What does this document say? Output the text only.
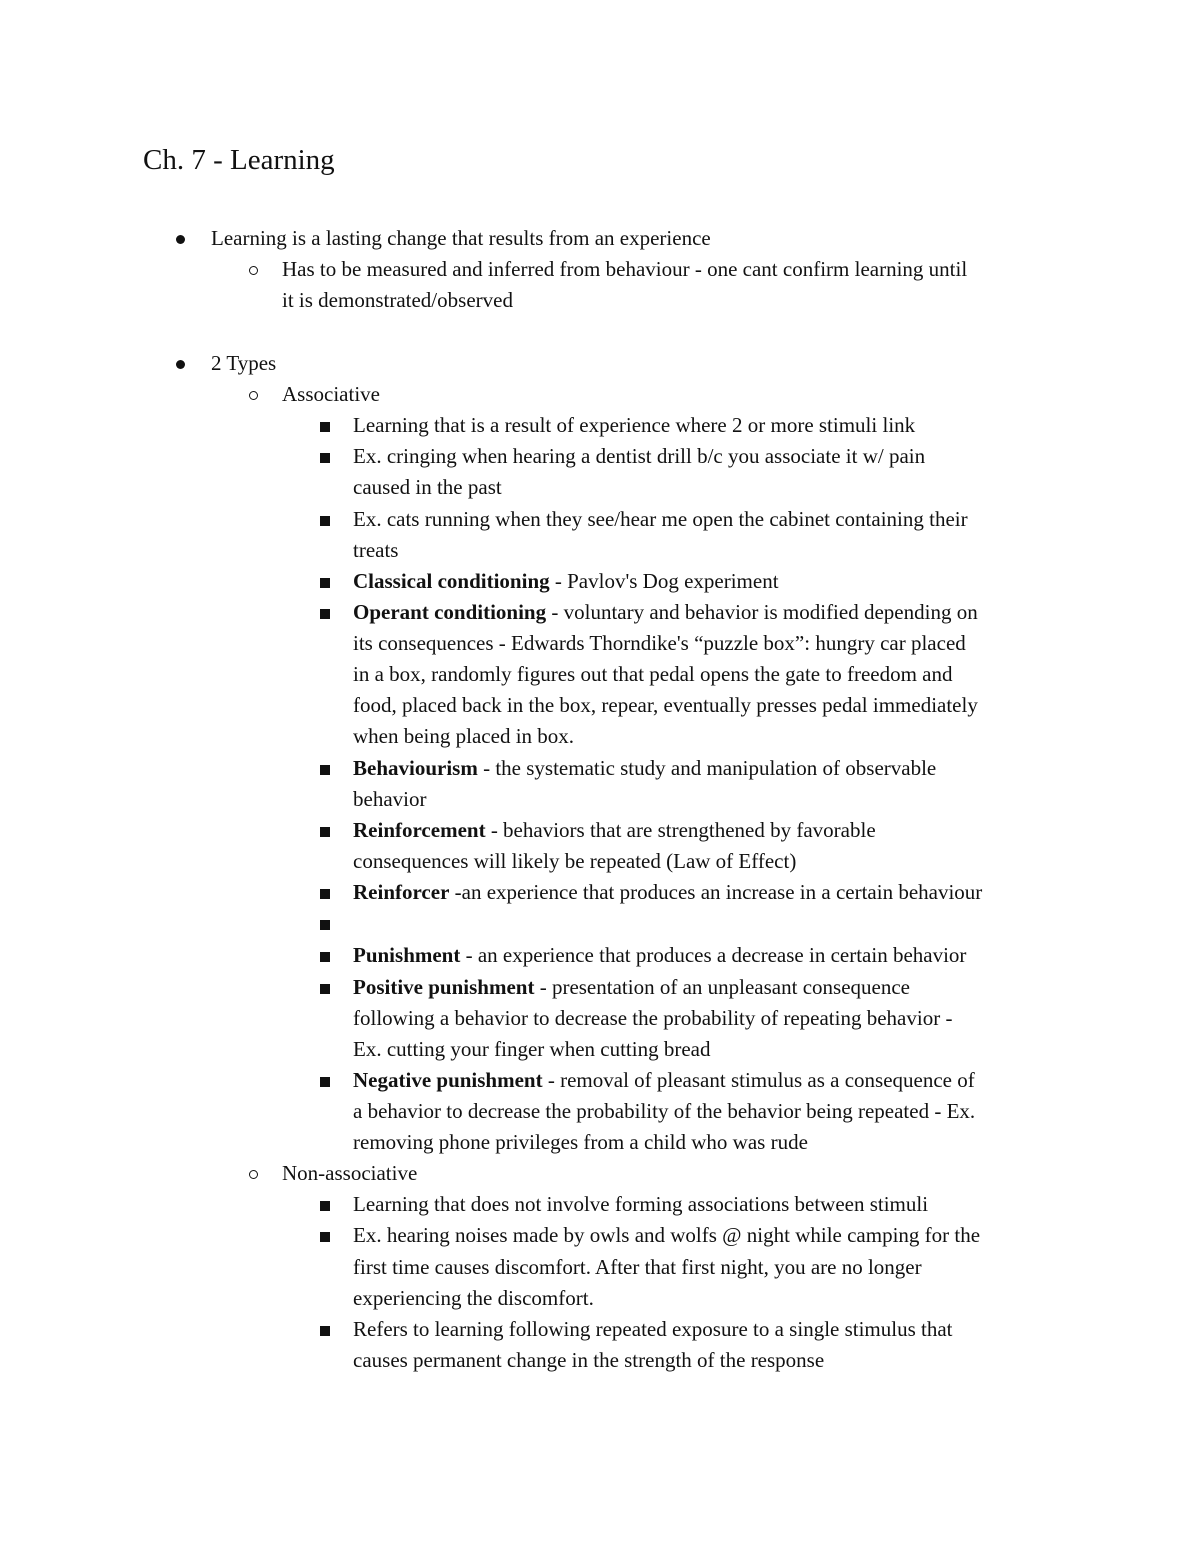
Ch. 7 - Learning
Learning is a lasting change that results from an experience
Has to be measured and inferred from behaviour - one cant confirm learning until
it is demonstrated/observed
2 Types
Associative
Learning that is a result of experience where 2 or more stimuli link
Ex. cringing when hearing a dentist drill b/c you associate it w/ pain
caused in the past
Ex. cats running when they see/hear me open the cabinet containing their
treats
Classical conditioning - Pavlov's Dog experiment
Operant conditioning - voluntary and behavior is modified depending on
its consequences - Edwards Thorndike's “puzzle box”: hungry car placed
in a box, randomly figures out that pedal opens the gate to freedom and
food, placed back in the box, repear, eventually presses pedal immediately
when being placed in box.
Behaviourism - the systematic study and manipulation of observable
behavior
Reinforcement - behaviors that are strengthened by favorable
consequences will likely be repeated (Law of Effect)
Reinforcer -an experience that produces an increase in a certain behaviour
Punishment - an experience that produces a decrease in certain behavior
Positive punishment - presentation of an unpleasant consequence
following a behavior to decrease the probability of repeating behavior -
Ex. cutting your finger when cutting bread
Negative punishment - removal of pleasant stimulus as a consequence of
a behavior to decrease the probability of the behavior being repeated - Ex.
removing phone privileges from a child who was rude
Non-associative
Learning that does not involve forming associations between stimuli
Ex. hearing noises made by owls and wolfs @ night while camping for the
first time causes discomfort. After that first night, you are no longer
experiencing the discomfort.
Refers to learning following repeated exposure to a single stimulus that
causes permanent change in the strength of the response
